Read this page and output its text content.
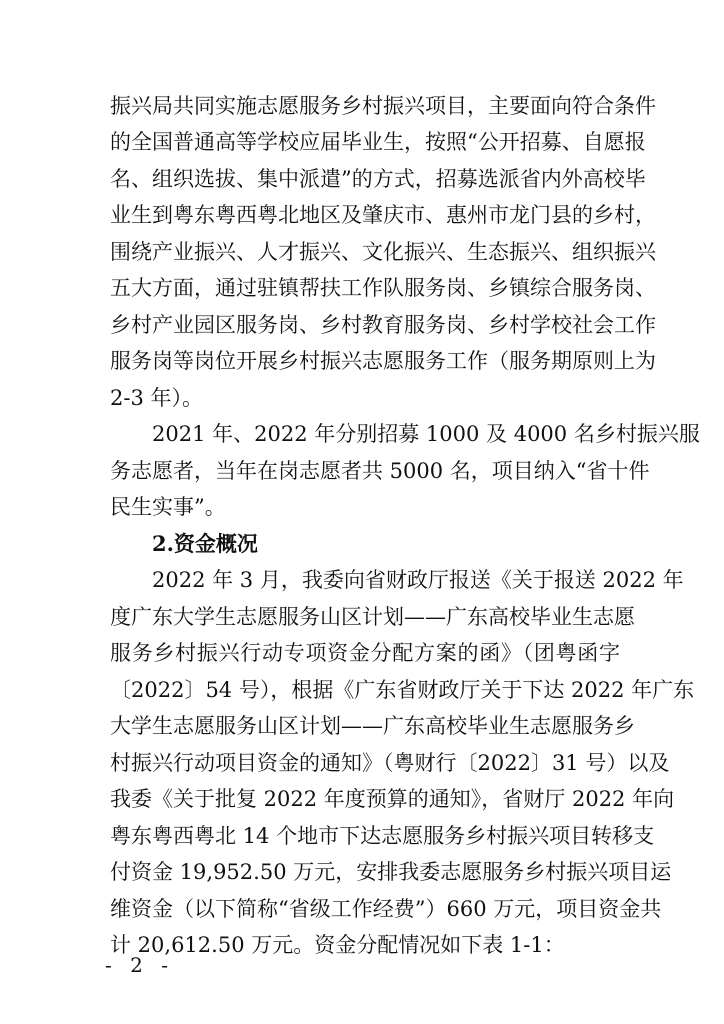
振兴局共同实施志愿服务乡村振兴项目，主要面向符合条件
的全国普通高等学校应届毕业生，按照“公开招募、自愿报
名、组织选拔、集中派遣”的方式，招募选派省内外高校毕
业生到粤东粤西粤北地区及肇庆市、惠州市龙门县的乡村，
围绕产业振兴、人才振兴、文化振兴、生态振兴、组织振兴
五大方面，通过驻镇帮扶工作队服务岗、乡镇综合服务岗、
乡村产业园区服务岗、乡村教育服务岗、乡村学校社会工作
服务岗等岗位开展乡村振兴志愿服务工作（服务期原则上为
2-3 年）。
2021 年、2022 年分别招募 1000 及 4000 名乡村振兴服
务志愿者，当年在岗志愿者共 5000 名，项目纳入“省十件
民生实事”。
2.资金概况
2022 年 3 月，我委向省财政厅报送《关于报送 2022 年
度广东大学生志愿服务山区计划——广东高校毕业生志愿
服务乡村振兴行动专项资金分配方案的函》（团粤函字
〔2022〕54 号），根据《广东省财政厅关于下达 2022 年广东
大学生志愿服务山区计划——广东高校毕业生志愿服务乡
村振兴行动项目资金的通知》（粤财行〔2022〕31 号）以及
我委《关于批复 2022 年度预算的通知》，省财厅 2022 年向
粤东粤西粤北 14 个地市下达志愿服务乡村振兴项目转移支
付资金 19,952.50 万元，安排我委志愿服务乡村振兴项目运
维资金（以下简称“省级工作经费”）660 万元，项目资金共
计 20,612.50 万元。资金分配情况如下表 1-1：
- 2 -
